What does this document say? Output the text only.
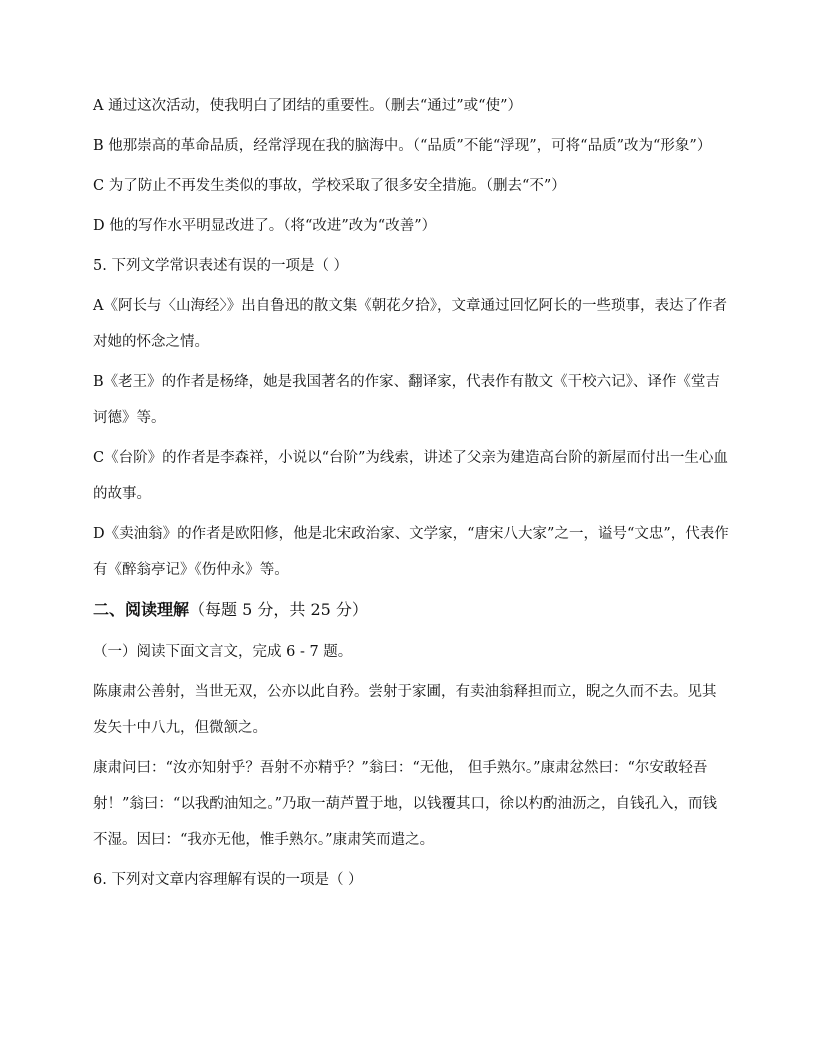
A 通过这次活动，使我明白了团结的重要性。（删去“通过”或“使”）

B 他那崇高的革命品质，经常浮现在我的脑海中。（“品质”不能“浮现”，可将“品质”改为“形象”）

C 为了防止不再发生类似的事故，学校采取了很多安全措施。（删去“不”）

D 他的写作水平明显改进了。（将“改进”改为“改善”）

5. 下列文学常识表述有误的一项是（ ）

A《阿长与〈山海经〉》出自鲁迅的散文集《朝花夕拾》，文章通过回忆阿长的一些琐事，表达了作者对她的怀念之情。

B《老王》的作者是杨绛，她是我国著名的作家、翻译家，代表作有散文《干校六记》、译作《堂吉诃德》等。

C《台阶》的作者是李森祥，小说以“台阶”为线索，讲述了父亲为建造高台阶的新屋而付出一生心血的故事。

D《卖油翁》的作者是欧阳修，他是北宋政治家、文学家，“唐宋八大家”之一，谥号“文忠”，代表作有《醉翁亭记》《伤仲永》等。

二、阅读理解（每题 5 分，共 25 分）

（一）阅读下面文言文，完成 6 - 7 题。

陈康肃公善射，当世无双，公亦以此自矜。尝射于家圃，有卖油翁释担而立，睨之久而不去。见其发矢十中八九，但微颔之。

康肃问曰：“汝亦知射乎？吾射不亦精乎？”翁曰：“无他， 但手熟尔。”康肃忿然曰：“尔安敢轻吾射！”翁曰：“以我酌油知之。”乃取一葫芦置于地，以钱覆其口，徐以杓酌油沥之，自钱孔入，而钱不湿。因曰：“我亦无他，惟手熟尔。”康肃笑而遣之。

6. 下列对文章内容理解有误的一项是（ ）
